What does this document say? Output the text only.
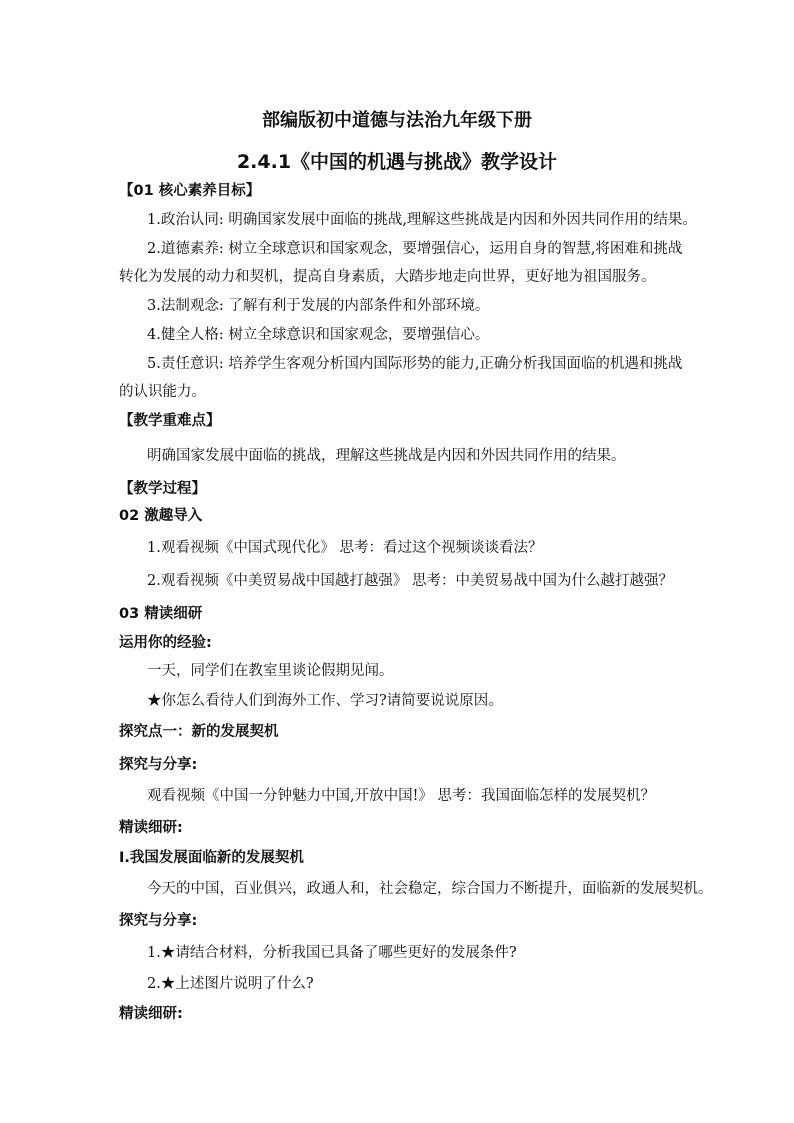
部编版初中道德与法治九年级下册
2.4.1《中国的机遇与挑战》教学设计
【01 核心素养目标】
1.政治认同: 明确国家发展中面临的挑战,理解这些挑战是内因和外因共同作用的结果。
2.道德素养: 树立全球意识和国家观念，要增强信心，运用自身的智慧,将困难和挑战
转化为发展的动力和契机，提高自身素质，大踏步地走向世界，更好地为祖国服务。
3.法制观念: 了解有利于发展的内部条件和外部环境。
4.健全人格: 树立全球意识和国家观念，要增强信心。
5.责任意识: 培养学生客观分析国内国际形势的能力,正确分析我国面临的机遇和挑战
的认识能力。
【教学重难点】
明确国家发展中面临的挑战，理解这些挑战是内因和外因共同作用的结果。
【教学过程】
02 激趣导入
1.观看视频《中国式现代化》 思考：看过这个视频谈谈看法？
2.观看视频《中美贸易战中国越打越强》 思考：中美贸易战中国为什么越打越强？
03 精读细研
运用你的经验:
一天，同学们在教室里谈论假期见闻。
★你怎么看待人们到海外工作、学习?请简要说说原因。
探究点一：新的发展契机
探究与分享:
观看视频《中国一分钟魅力中国,开放中国!》 思考：我国面临怎样的发展契机？
精读细研:
Ⅰ.我国发展面临新的发展契机
今天的中国，百业俱兴，政通人和，社会稳定，综合国力不断提升，面临新的发展契机。
探究与分享:
1.★请结合材料，分析我国已具备了哪些更好的发展条件?
2.★上述图片说明了什么?
精读细研:
